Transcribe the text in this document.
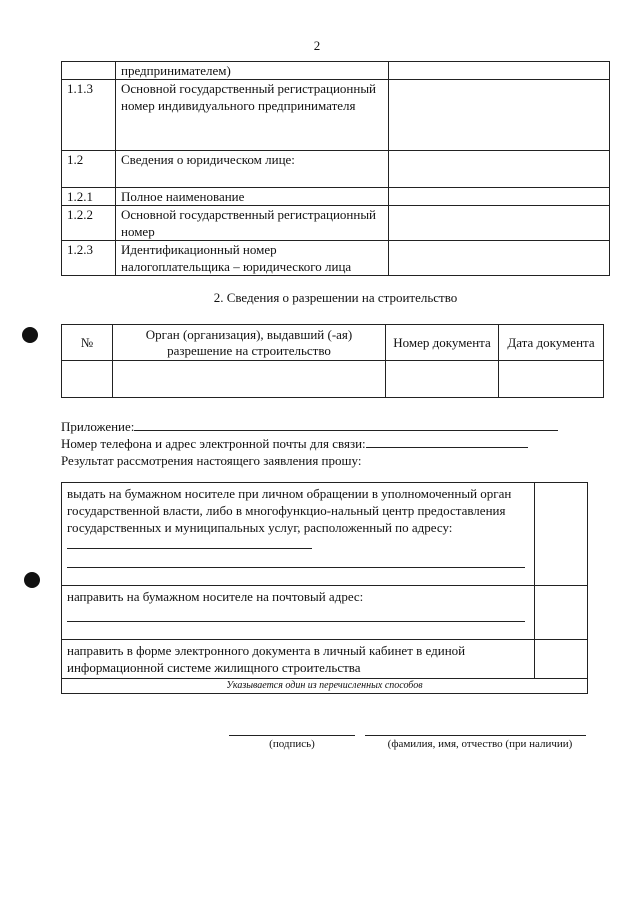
2
	предпринимателем)	
1.1.3	Основной государственный регистрационный номер индивидуального предпринимателя	
1.2	Сведения о юридическом лице:	
1.2.1	Полное наименование	
1.2.2	Основной государственный регистрационный номер	
1.2.3	Идентификационный номер налогоплательщика – юридического лица	
2. Сведения о разрешении на строительство
№	Орган (организация), выдавший (-ая) разрешение на строительство	Номер документа	Дата документа

Приложение:
Номер телефона и адрес электронной почты для связи:
Результат рассмотрения настоящего заявления прошу:
выдать на бумажном носителе при личном обращении в уполномоченный орган государственной власти, либо в многофункцио-нальный центр предоставления государственных и муниципальных услуг, расположенный по адресу:

направить на бумажном носителе на почтовый адрес:

направить в форме электронного документа в личный кабинет в единой информационной системе жилищного строительства	
Указывается один из перечисленных способов	
(подпись)	(фамилия, имя, отчество (при наличии)
